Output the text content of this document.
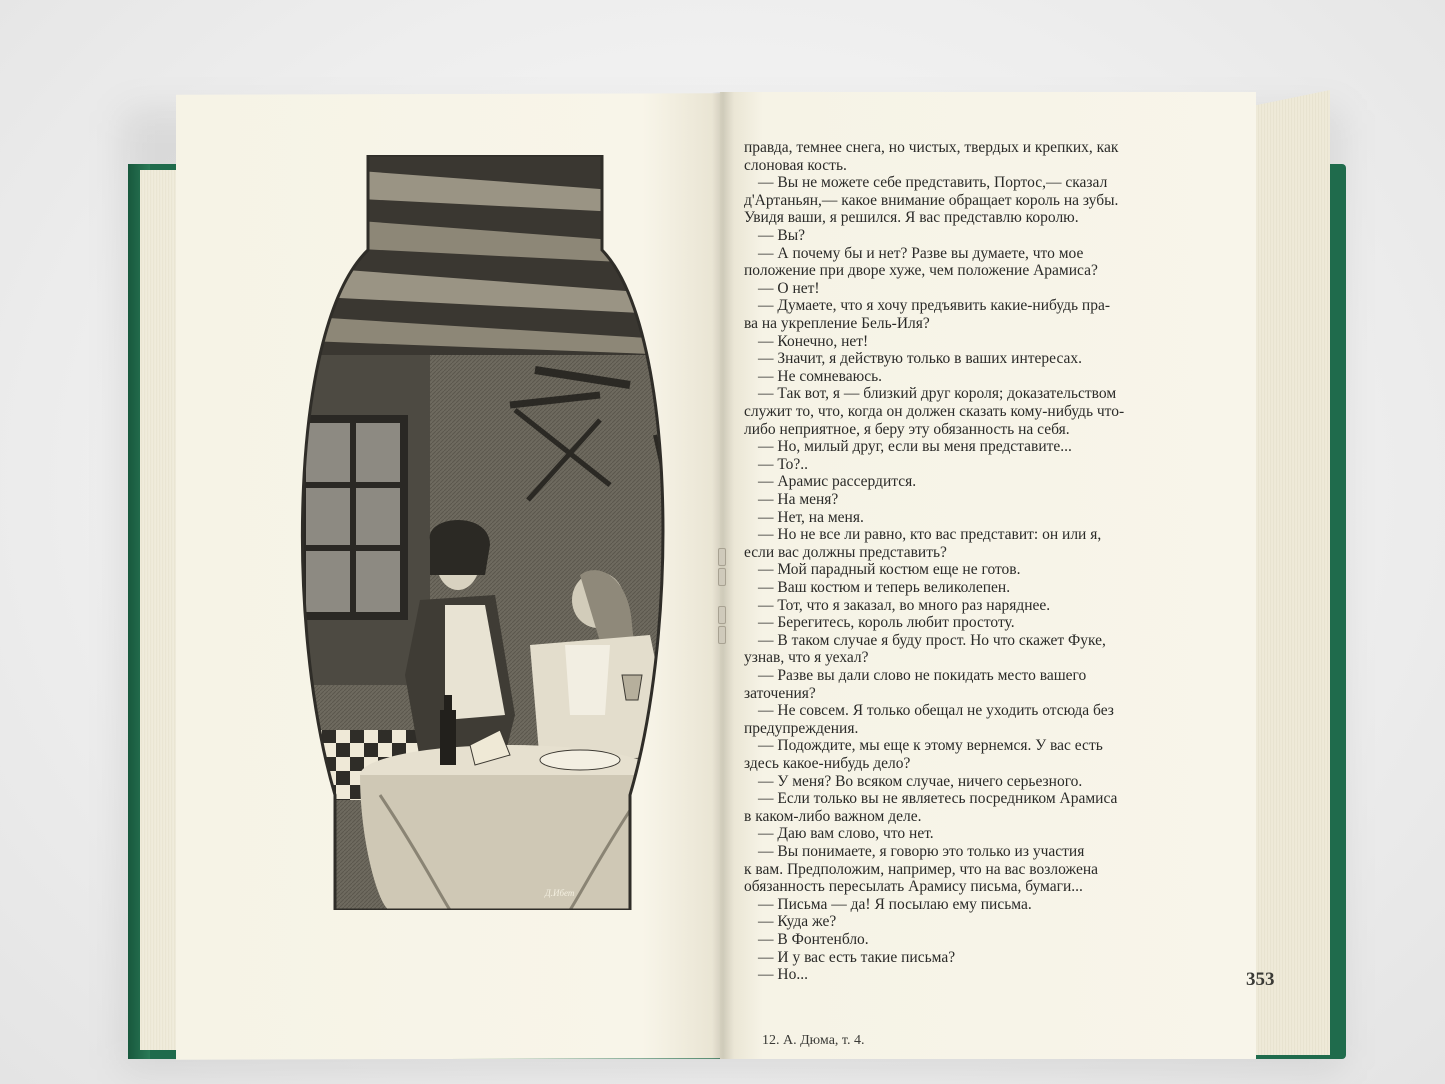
Д.Ибет
правда, темнее снега, но чистых, твердых и крепких, как
слоновая кость.
— Вы не можете себе представить, Портос,— сказал
д'Артаньян,— какое внимание обращает король на зубы.
Увидя ваши, я решился. Я вас представлю королю.
— Вы?
— А почему бы и нет? Разве вы думаете, что мое
положение при дворе хуже, чем положение Арамиса?
— О нет!
— Думаете, что я хочу предъявить какие-нибудь пра-
ва на укрепление Бель-Иля?
— Конечно, нет!
— Значит, я действую только в ваших интересах.
— Не сомневаюсь.
— Так вот, я — близкий друг короля; доказательством
служит то, что, когда он должен сказать кому-нибудь что-
либо неприятное, я беру эту обязанность на себя.
— Но, милый друг, если вы меня представите...
— То?..
— Арамис рассердится.
— На меня?
— Нет, на меня.
— Но не все ли равно, кто вас представит: он или я,
если вас должны представить?
— Мой парадный костюм еще не готов.
— Ваш костюм и теперь великолепен.
— Тот, что я заказал, во много раз наряднее.
— Берегитесь, король любит простоту.
— В таком случае я буду прост. Но что скажет Фуке,
узнав, что я уехал?
— Разве вы дали слово не покидать место вашего
заточения?
— Не совсем. Я только обещал не уходить отсюда без
предупреждения.
— Подождите, мы еще к этому вернемся. У вас есть
здесь какое-нибудь дело?
— У меня? Во всяком случае, ничего серьезного.
— Если только вы не являетесь посредником Арамиса
в каком-либо важном деле.
— Даю вам слово, что нет.
— Вы понимаете, я говорю это только из участия
к вам. Предположим, например, что на вас возложена
обязанность пересылать Арамису письма, бумаги...
— Письма — да! Я посылаю ему письма.
— Куда же?
— В Фонтенбло.
— И у вас есть такие письма?
— Но...
12. А. Дюма, т. 4.
353
